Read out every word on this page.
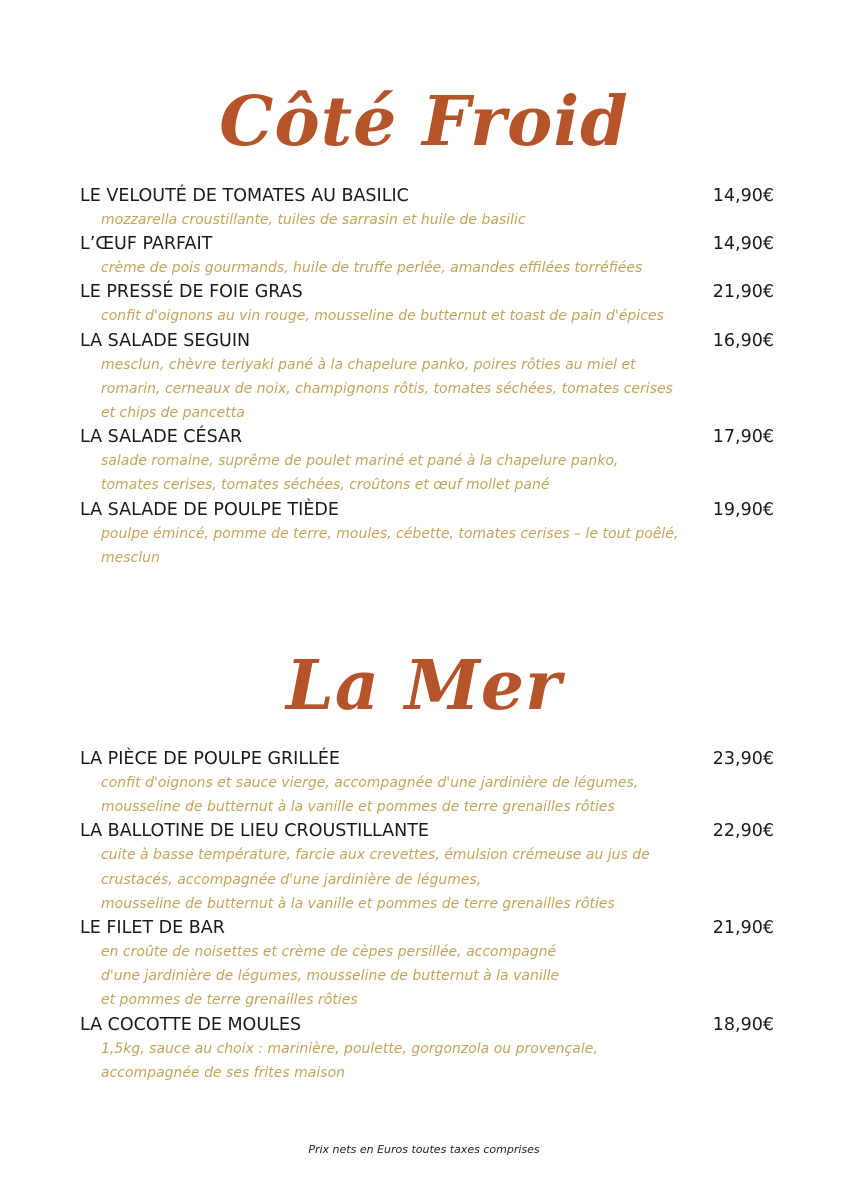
Côté Froid
LE VELOUTÉ DE TOMATES AU BASILIC	14,90€
mozzarella croustillante, tuiles de sarrasin et huile de basilic
L’ŒUF PARFAIT	14,90€
crème de pois gourmands, huile de truffe perlée, amandes effilées torréfiées
LE PRESSÉ DE FOIE GRAS	21,90€
confit d'oignons au vin rouge, mousseline de butternut et toast de pain d'épices
LA SALADE SEGUIN	16,90€
mesclun, chèvre teriyaki pané à la chapelure panko, poires rôties au miel et
romarin, cerneaux de noix, champignons rôtis, tomates séchées, tomates cerises
et chips de pancetta
LA SALADE CÉSAR	17,90€
salade romaine, suprême de poulet mariné et pané à la chapelure panko,
tomates cerises, tomates séchées, croûtons et œuf mollet pané
LA SALADE DE POULPE TIÈDE	19,90€
poulpe émincé, pomme de terre, moules, cébette, tomates cerises – le tout poêlé,
mesclun
La Mer
LA PIÈCE DE POULPE GRILLÉE	23,90€
confit d'oignons et sauce vierge, accompagnée d'une jardinière de légumes,
mousseline de butternut à la vanille et pommes de terre grenailles rôties
LA BALLOTINE DE LIEU CROUSTILLANTE	22,90€
cuite à basse température, farcie aux crevettes, émulsion crémeuse au jus de
crustacés, accompagnée d'une jardinière de légumes,
mousseline de butternut à la vanille et pommes de terre grenailles rôties
LE FILET DE BAR	21,90€
en croûte de noisettes et crème de cèpes persillée, accompagné
d'une jardinière de légumes, mousseline de butternut à la vanille
et pommes de terre grenailles rôties
LA COCOTTE DE MOULES	18,90€
1,5kg, sauce au choix : marinière, poulette, gorgonzola ou provençale,
accompagnée de ses frites maison
Prix nets en Euros toutes taxes comprises
